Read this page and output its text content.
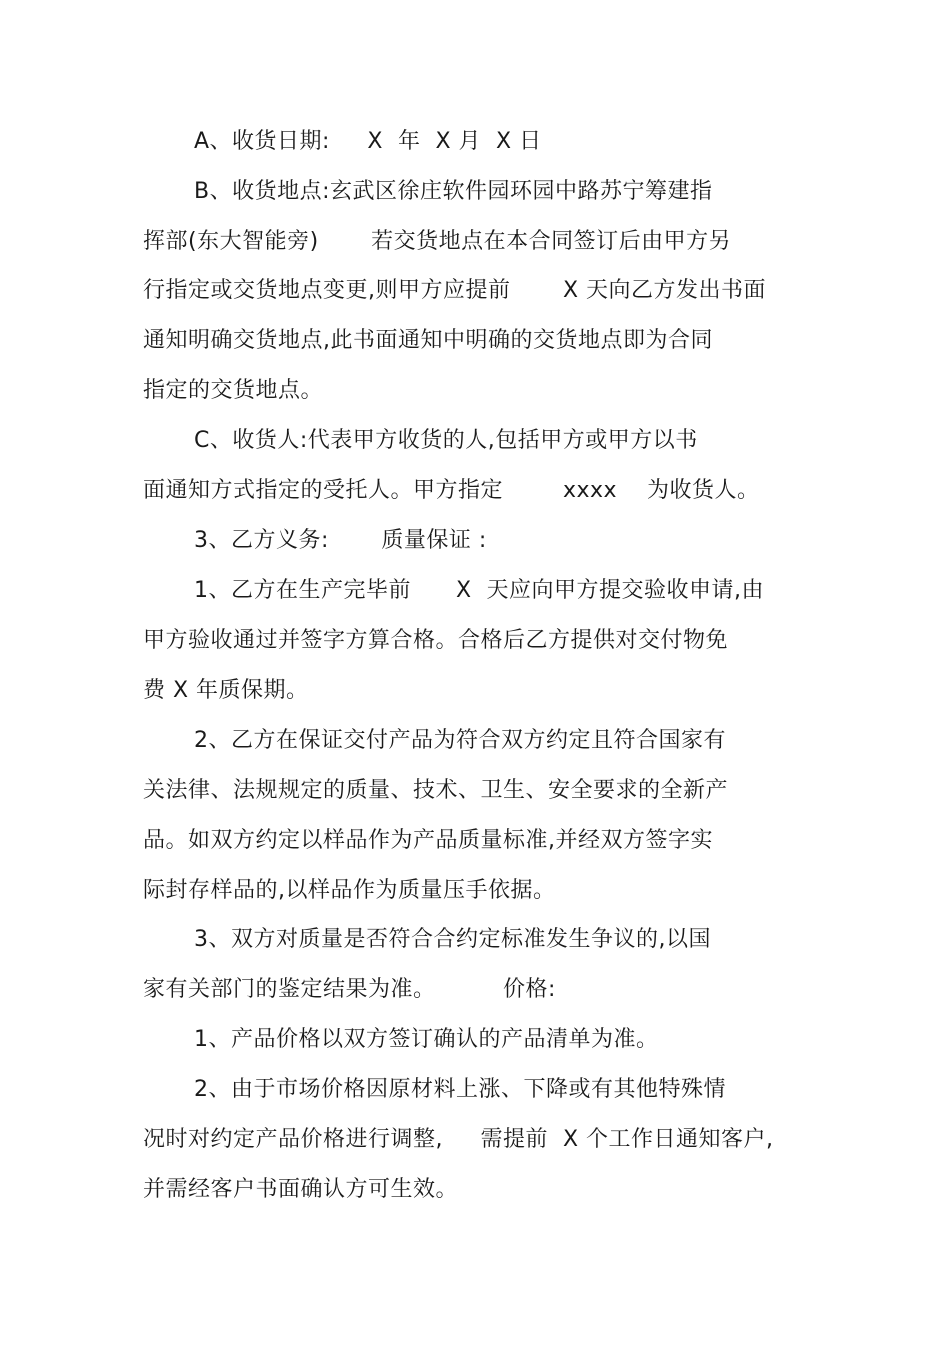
A、收货日期:     X  年  X 月  X 日
B、收货地点:玄武区徐庄软件园环园中路苏宁筹建指
挥部(东大智能旁)       若交货地点在本合同签订后由甲方另
行指定或交货地点变更,则甲方应提前       X 天向乙方发出书面
通知明确交货地点,此书面通知中明确的交货地点即为合同
指定的交货地点。
C、收货人:代表甲方收货的人,包括甲方或甲方以书
面通知方式指定的受托人。甲方指定        xxxx    为收货人。
3、乙方义务:       质量保证 :
1、乙方在生产完毕前      X  天应向甲方提交验收申请,由
甲方验收通过并签字方算合格。合格后乙方提供对交付物免
费 X 年质保期。
2、乙方在保证交付产品为符合双方约定且符合国家有
关法律、法规规定的质量、技术、卫生、安全要求的全新产
品。如双方约定以样品作为产品质量标准,并经双方签字实
际封存样品的,以样品作为质量压手依据。
3、双方对质量是否符合合约定标准发生争议的,以国
家有关部门的鉴定结果为准。         价格:
1、产品价格以双方签订确认的产品清单为准。
2、由于市场价格因原材料上涨、下降或有其他特殊情
况时对约定产品价格进行调整,     需提前  X 个工作日通知客户,
并需经客户书面确认方可生效。
